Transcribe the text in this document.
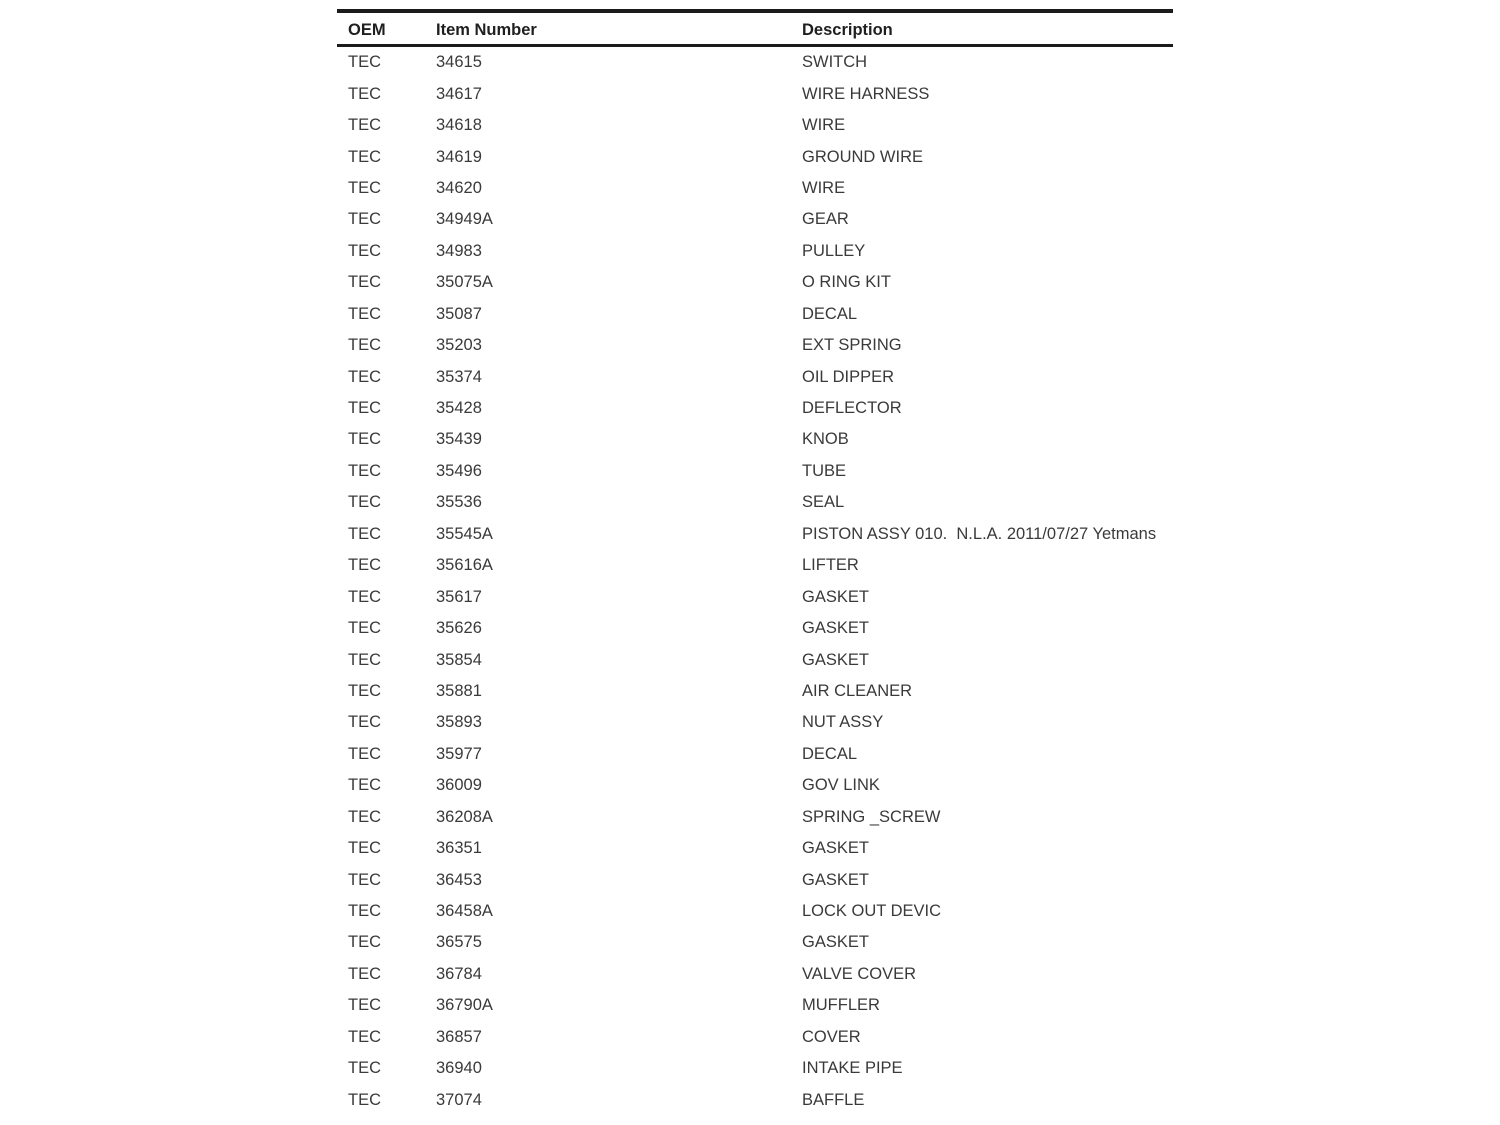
OEM	Item Number	Description
TEC	34615	SWITCH
TEC	34617	WIRE HARNESS
TEC	34618	WIRE
TEC	34619	GROUND WIRE
TEC	34620	WIRE
TEC	34949A	GEAR
TEC	34983	PULLEY
TEC	35075A	O RING KIT
TEC	35087	DECAL
TEC	35203	EXT SPRING
TEC	35374	OIL DIPPER
TEC	35428	DEFLECTOR
TEC	35439	KNOB
TEC	35496	TUBE
TEC	35536	SEAL
TEC	35545A	PISTON ASSY 010.  N.L.A. 2011/07/27 Yetmans
TEC	35616A	LIFTER
TEC	35617	GASKET
TEC	35626	GASKET
TEC	35854	GASKET
TEC	35881	AIR CLEANER
TEC	35893	NUT ASSY
TEC	35977	DECAL
TEC	36009	GOV LINK
TEC	36208A	SPRING _SCREW
TEC	36351	GASKET
TEC	36453	GASKET
TEC	36458A	LOCK OUT DEVIC
TEC	36575	GASKET
TEC	36784	VALVE COVER
TEC	36790A	MUFFLER
TEC	36857	COVER
TEC	36940	INTAKE PIPE
TEC	37074	BAFFLE
